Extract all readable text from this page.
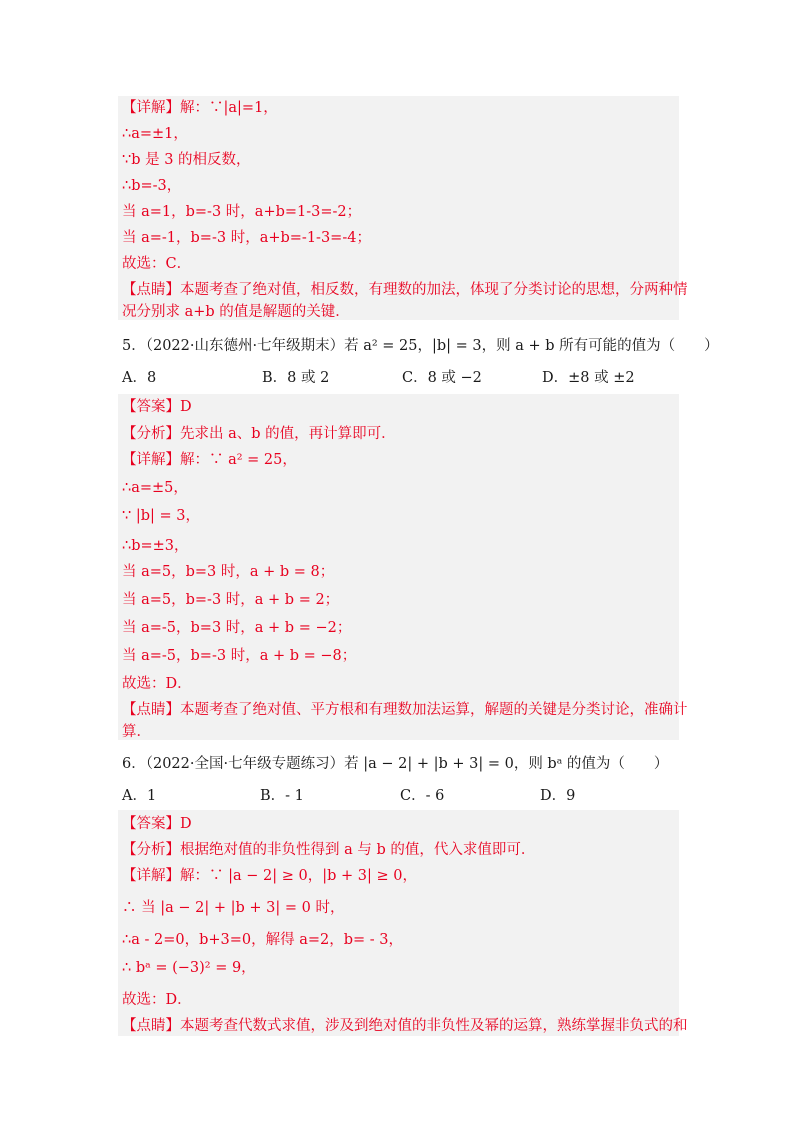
【详解】解：∵|a|=1，
∴a=±1，
∵b 是 3 的相反数，
∴b=-3，
当 a=1，b=-3 时，a+b=1-3=-2；
当 a=-1，b=-3 时，a+b=-1-3=-4；
故选：C．
【点睛】本题考查了绝对值，相反数，有理数的加法，体现了分类讨论的思想，分两种情
况分别求 a+b 的值是解题的关键．
5．（2022·山东德州·七年级期末）若 a² = 25，|b| = 3，则 a + b 所有可能的值为（　　）
A．8	B．8 或 2	C．8 或 −2	D．±8 或 ±2
【答案】D
【分析】先求出 a、b 的值，再计算即可．
【详解】解：∵ a² = 25，
∴a=±5，
∵ |b| = 3，
∴b=±3，
当 a=5，b=3 时，a + b = 8；
当 a=5，b=-3 时，a + b = 2；
当 a=-5，b=3 时，a + b = −2；
当 a=-5，b=-3 时，a + b = −8；
故选：D．
【点睛】本题考查了绝对值、平方根和有理数加法运算，解题的关键是分类讨论，准确计
算．
6．（2022·全国·七年级专题练习）若 |a − 2| + |b + 3| = 0，则 bᵃ 的值为（　　）
A．1	B．- 1	C．- 6	D．9
【答案】D
【分析】根据绝对值的非负性得到 a 与 b 的值，代入求值即可．
【详解】解：∵ |a − 2| ≥ 0，|b + 3| ≥ 0，
∴ 当 |a − 2| + |b + 3| = 0 时，
∴a - 2=0，b+3=0，解得 a=2，b= - 3，
∴ bᵃ = (−3)² = 9，
故选：D．
【点睛】本题考查代数式求值，涉及到绝对值的非负性及幂的运算，熟练掌握非负式的和
